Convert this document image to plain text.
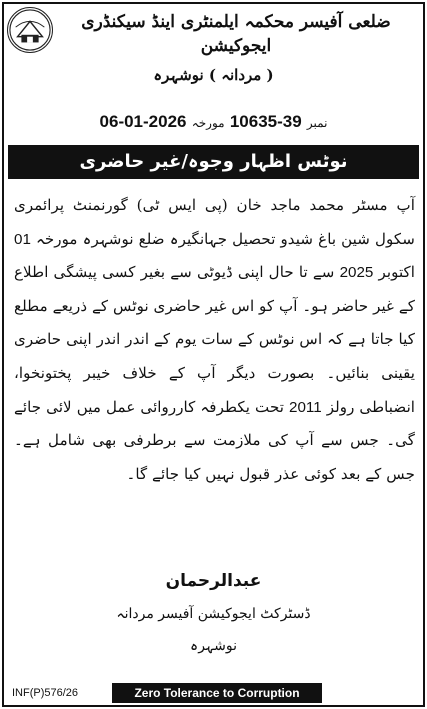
ضلعی آفیسر محکمہ ایلمنٹری اینڈ سیکنڈری ایجوکیشن
( مردانہ ) نوشہرہ
نمبر 10635-39 مورخہ 06-01-2026
نوٹس اظہار وجوہ/غیر حاضری
آپ مسٹر محمد ماجد خان (پی ایس ٹی) گورنمنٹ پرائمری سکول شین باغ شیدو تحصیل جہانگیرہ ضلع نوشہرہ مورخہ 01 اکتوبر 2025 سے تا حال اپنی ڈیوٹی سے بغیر کسی پیشگی اطلاع کے غیر حاضر ہو۔ آپ کو اس غیر حاضری نوٹس کے ذریعے مطلع کیا جاتا ہے کہ اس نوٹس کے سات یوم کے اندر اندر اپنی حاضری یقینی بنائیں۔ بصورت دیگر آپ کے خلاف خیبر پختونخوا، انضباطی رولز 2011 تحت یکطرفہ کارروائی عمل میں لائی جائے گی۔ جس سے آپ کی ملازمت سے برطرفی بھی شامل ہے۔ جس کے بعد کوئی عذر قبول نہیں کیا جائے گا۔
عبدالرحمان
ڈسٹرکٹ ایجوکیشن آفیسر مردانہ
نوشہرہ
INF(P)576/26	Zero Tolerance to Corruption
